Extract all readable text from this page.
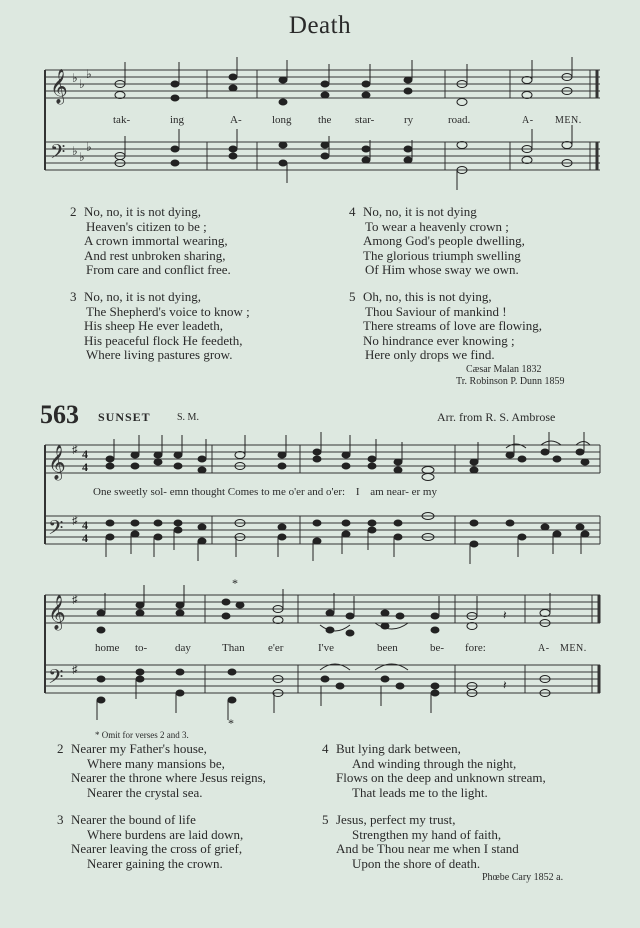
Death
𝄞
𝄢
♭ ♭
♭
♭ ♭
♭
tak-	ing	A-	long the star-	ry	road.	A- MEN.
2 No, no, it is not dying,
Heaven's citizen to be ;
A crown immortal wearing,
And rest unbroken sharing,
From care and conflict free.
3 No, no, it is not dying,
The Shepherd's voice to know ;
His sheep He ever leadeth,
His peaceful flock He feedeth,
Where living pastures grow.
4 No, no, it is not dying
To wear a heavenly crown ;
Among God's people dwelling,
The glorious triumph swelling
Of Him whose sway we own.
5 Oh, no, this is not dying,
Thou Saviour of mankind !
There streams of love are flowing,
No hindrance ever knowing ;
Here only drops we find.
Cæsar Malan 1832
Tr. Robinson P. Dunn 1859
563 SUNSET	S. M.	Arr. from R. S. Ambrose
𝄞
𝄢
♯
♯
4
4
4
4
One sweetly sol- emn thought Comes to me o'er and o'er: I am near- er my
𝄞
𝄢
♯
♯
*
*
𝄽
𝄽
home to-	day	Than e'er	I've	been	be- fore:	A- MEN.
* Omit for verses 2 and 3.
2 Nearer my Father's house,
Where many mansions be,
Nearer the throne where Jesus reigns,
Nearer the crystal sea.
3 Nearer the bound of life
Where burdens are laid down,
Nearer leaving the cross of grief,
Nearer gaining the crown.
4 But lying dark between,
And winding through the night,
Flows on the deep and unknown stream,
That leads me to the light.
5 Jesus, perfect my trust,
Strengthen my hand of faith,
And be Thou near me when I stand
Upon the shore of death.
Phœbe Cary 1852 a.
